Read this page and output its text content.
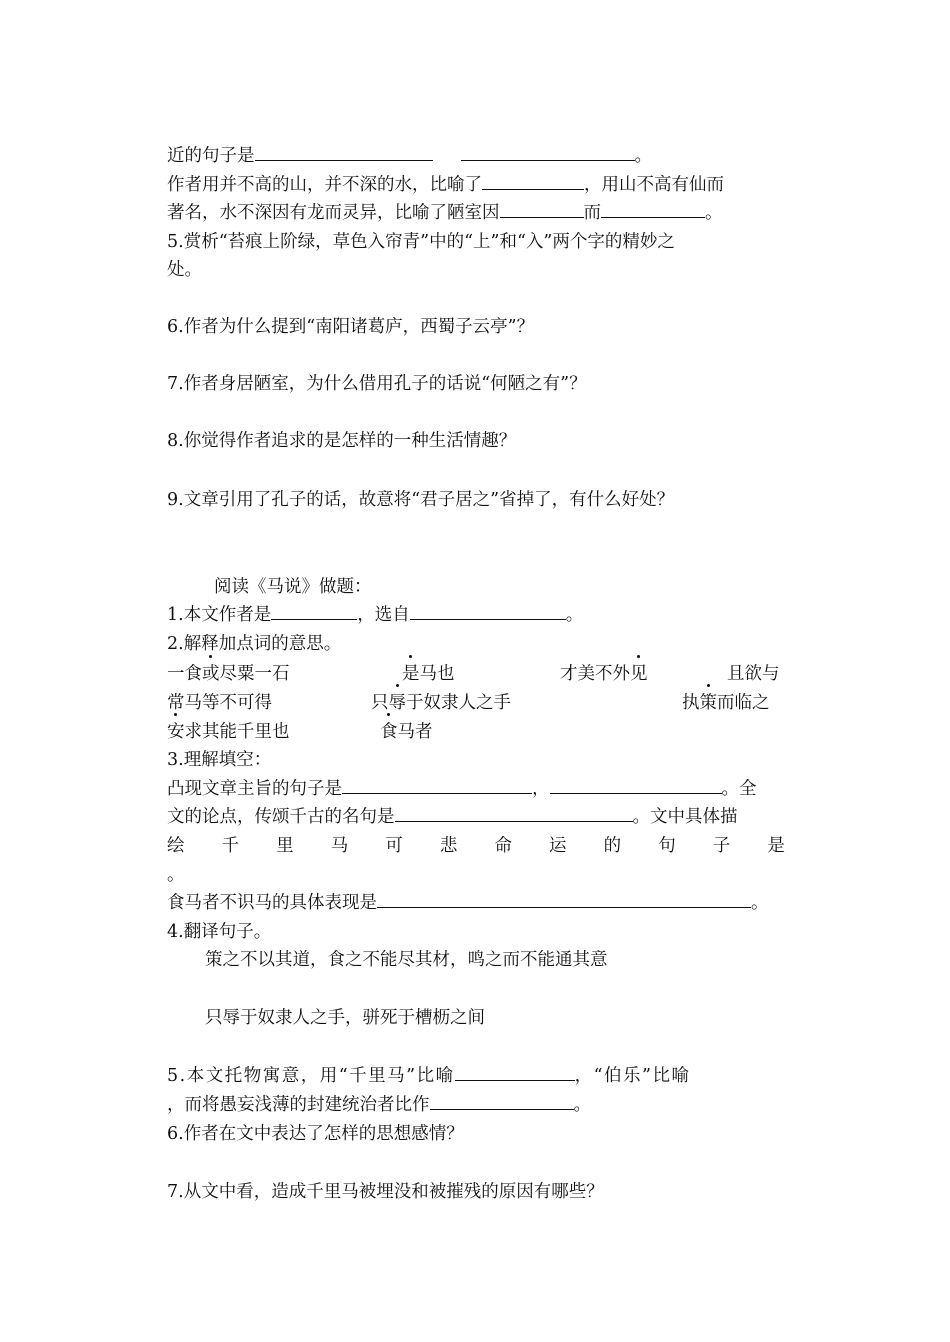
近的句子是	。
作者用并不高的山，并不深的水，比喻了	，用山不高有仙而
著名，水不深因有龙而灵异，比喻了陋室因	而	。
5.赏析“苔痕上阶绿，草色入帘青”中的“上”和“入”两个字的精妙之
处。
6.作者为什么提到“南阳诸葛庐，西蜀子云亭”？
7.作者身居陋室，为什么借用孔子的话说“何陋之有”？
8.你觉得作者追求的是怎样的一种生活情趣？
9.文章引用了孔子的话，故意将“君子居之”省掉了，有什么好处？
阅读《马说》做题：
1.本文作者是	，选自	。
2.解释加点词的意思。
一食或尽粟一石	是马也	才美不外见	且欲与
常马等不可得	只辱于奴隶人之手	执策而临之
安求其能千里也	食马者
3.理解填空：
凸现文章主旨的句子是	，	。全
文的论点，传颂千古的名句是	。文中具体描
绘 千 里 马 可 悲 命 运 的 句 子 是
。
食马者不识马的具体表现是	。
4.翻译句子。
策之不以其道，食之不能尽其材，鸣之而不能通其意
只辱于奴隶人之手，骈死于槽枥之间
5.本文托物寓意，用“千里马”比喻	，“伯乐”比喻
，而将愚妄浅薄的封建统治者比作	。
6.作者在文中表达了怎样的思想感情？
7.从文中看，造成千里马被埋没和被摧残的原因有哪些？
